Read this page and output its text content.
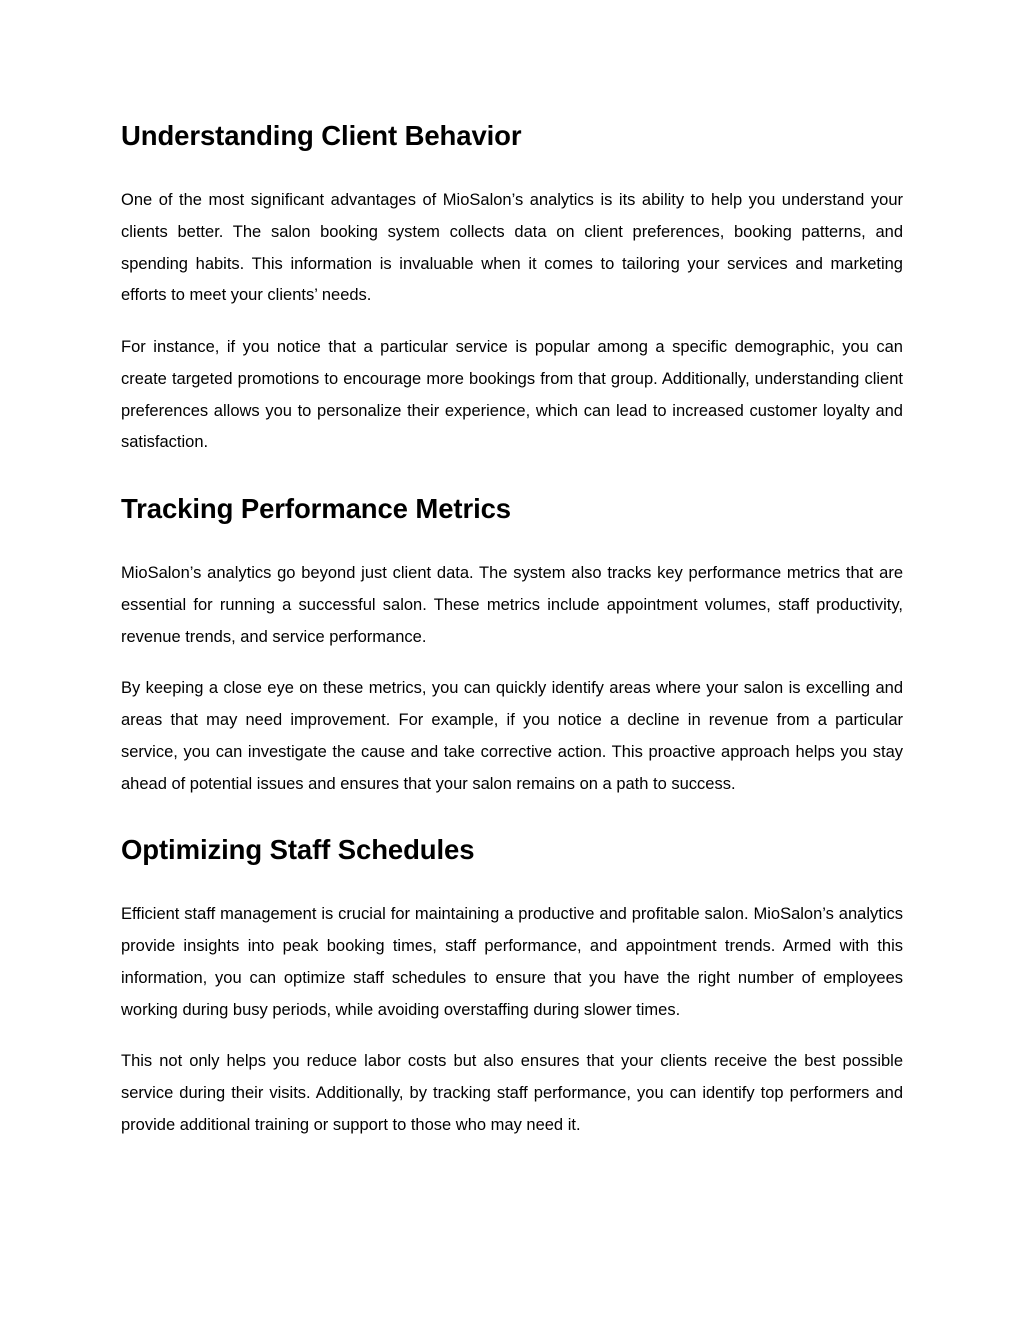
Understanding Client Behavior

One of the most significant advantages of MioSalon’s analytics is its ability to help you understand your clients better. The salon booking system collects data on client preferences, booking patterns, and spending habits. This information is invaluable when it comes to tailoring your services and marketing efforts to meet your clients’ needs.

For instance, if you notice that a particular service is popular among a specific demographic, you can create targeted promotions to encourage more bookings from that group. Additionally, understanding client preferences allows you to personalize their experience, which can lead to increased customer loyalty and satisfaction.

Tracking Performance Metrics

MioSalon’s analytics go beyond just client data. The system also tracks key performance metrics that are essential for running a successful salon. These metrics include appointment volumes, staff productivity, revenue trends, and service performance.

By keeping a close eye on these metrics, you can quickly identify areas where your salon is excelling and areas that may need improvement. For example, if you notice a decline in revenue from a particular service, you can investigate the cause and take corrective action. This proactive approach helps you stay ahead of potential issues and ensures that your salon remains on a path to success.

Optimizing Staff Schedules

Efficient staff management is crucial for maintaining a productive and profitable salon. MioSalon’s analytics provide insights into peak booking times, staff performance, and appointment trends. Armed with this information, you can optimize staff schedules to ensure that you have the right number of employees working during busy periods, while avoiding overstaffing during slower times.

This not only helps you reduce labor costs but also ensures that your clients receive the best possible service during their visits. Additionally, by tracking staff performance, you can identify top performers and provide additional training or support to those who may need it.
